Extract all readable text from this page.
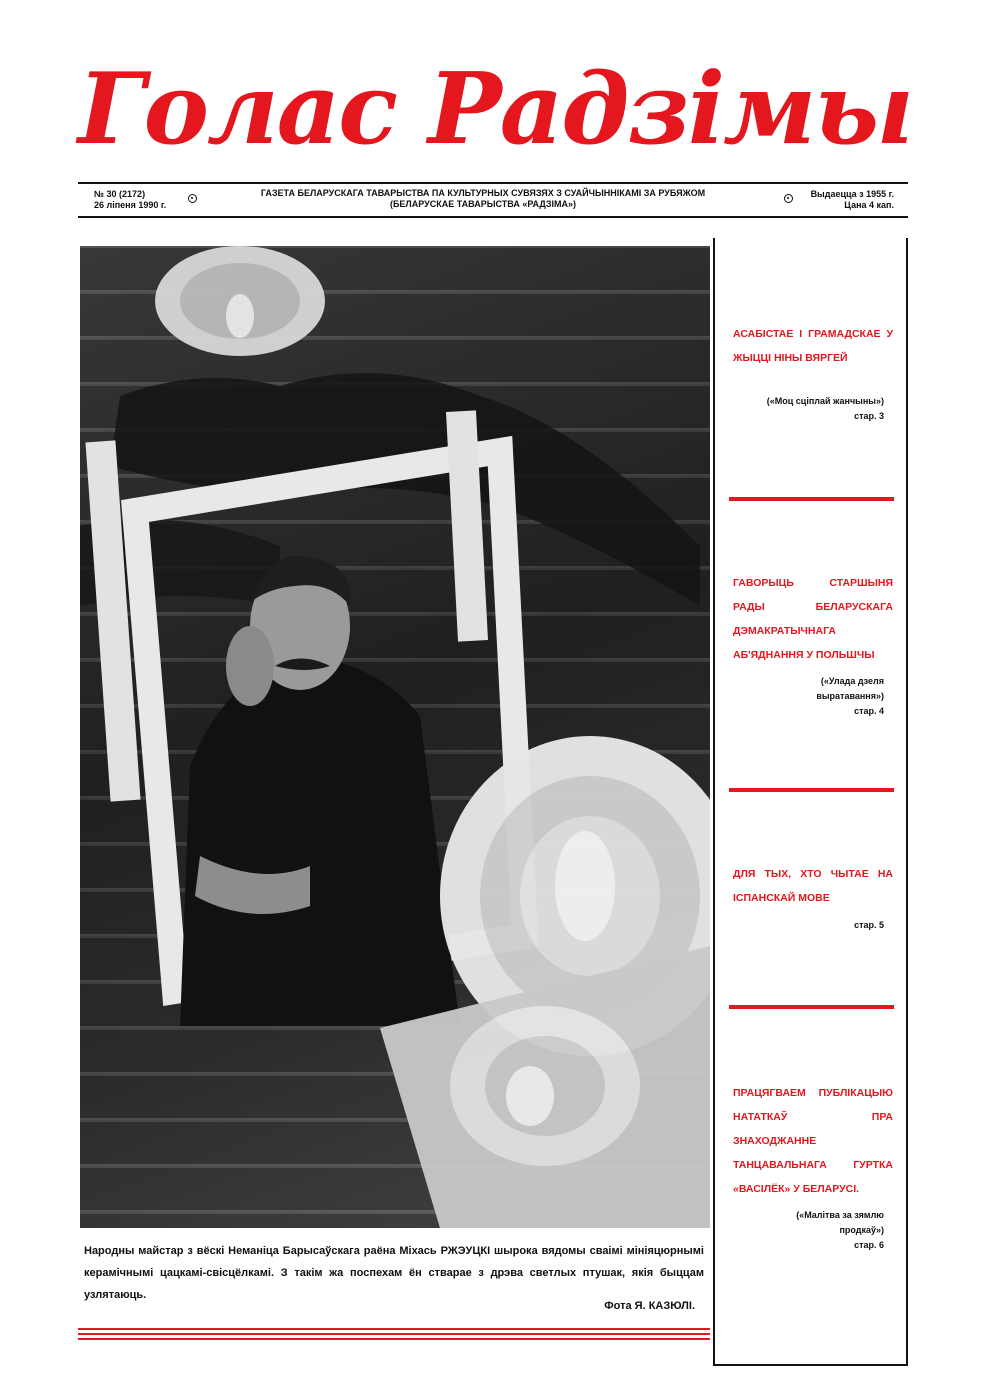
Голас Радзімы
№ 30 (2172)
26 ліпеня 1990 г.
ГАЗЕТА БЕЛАРУСКАГА ТАВАРЫСТВА ПА КУЛЬТУРНЫХ СУВЯЗЯХ З СУАЙЧЫННІКАМІ ЗА РУБЯЖОМ
(БЕЛАРУСКАЕ ТАВАРЫСТВА «РАДЗІМА»)
Выдаецца з 1955 г.
Цана 4 кап.
Народны майстар з вёскі Неманіца Барысаўскага раёна Міхась РЖЭУЦКІ шырока вядомы сваімі мініяцюрнымі керамічнымі цацкамі-свісцёлкамі. З такім жа поспехам ён стварае з дрэва светлых птушак, якія быццам узлятаюць.
Фота Я. КАЗЮЛІ.
АСАБІСТАЕ І ГРАМАДСКАЕ У ЖЫЦЦІ НІНЫ ВЯРГЕЙ
(«Моц сціплай жанчыны»)
стар. 3
ГАВОРЫЦЬ СТАРШЫНЯ РАДЫ БЕЛАРУСКАГА ДЭМАКРАТЫЧНАГА АБ'ЯДНАННЯ У ПОЛЬШЧЫ
(«Улада дзеля выратавання»)
стар. 4
ДЛЯ ТЫХ, ХТО ЧЫТАЕ НА ІСПАНСКАЙ МОВЕ
стар. 5
ПРАЦЯГВАЕМ ПУБЛІКАЦЫЮ НАТАТКАЎ ПРА ЗНАХОДЖАННЕ ТАНЦАВАЛЬНАГА ГУРТКА «ВАСІЛЁК» У БЕЛАРУСІ.
(«Малітва за зямлю продкаў»)
стар. 6
